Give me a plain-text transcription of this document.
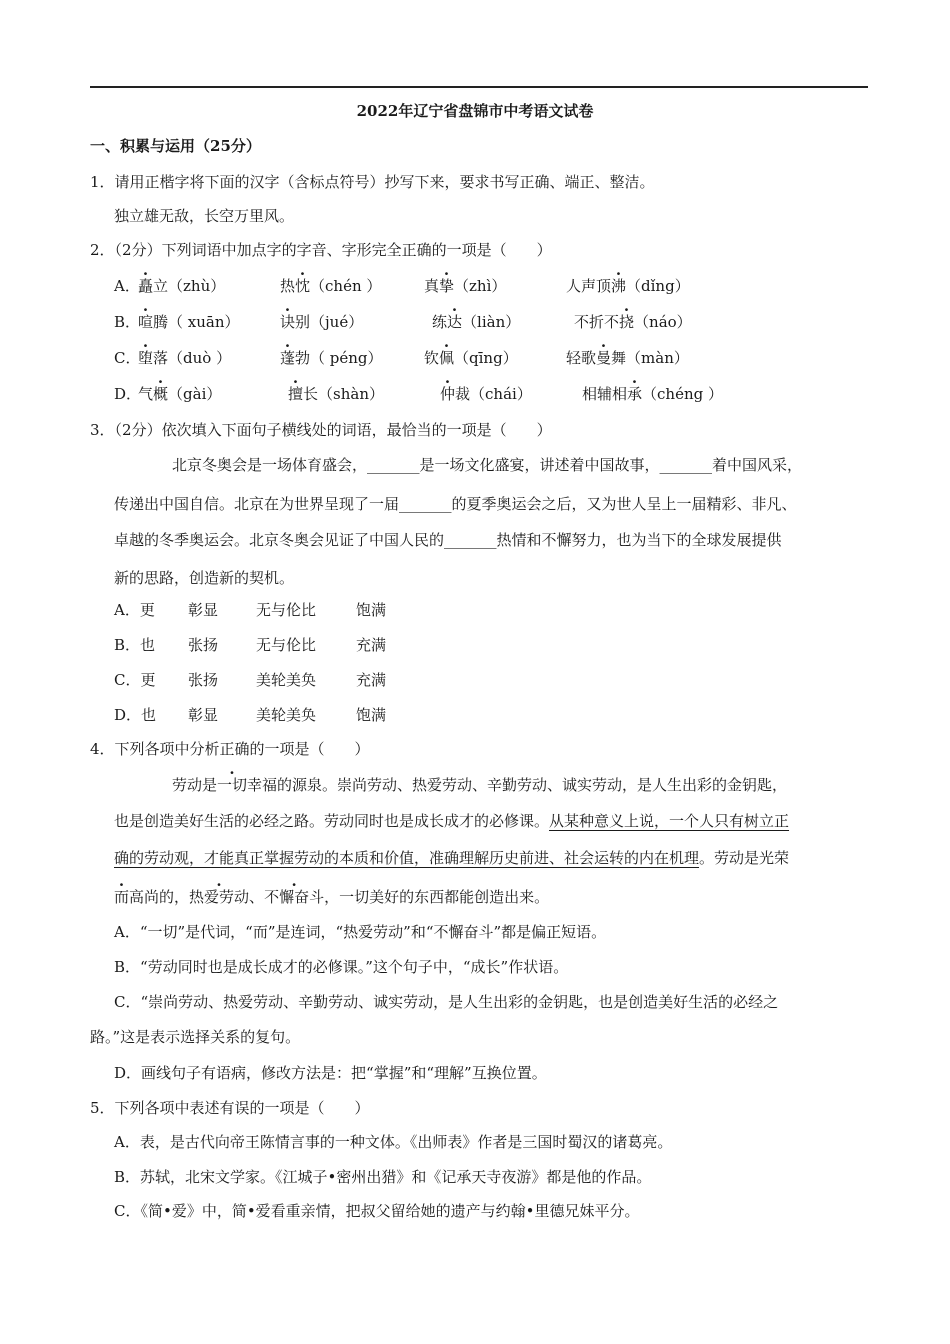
2022年辽宁省盘锦市中考语文试卷
一、积累与运用（25分）
1．请用正楷字将下面的汉字（含标点符号）抄写下来，要求书写正确、端正、整洁。
独立雄无敌，长空万里风。
2．（2分）下列词语中加点字的字音、字形完全正确的一项是（　　）
A．
矗立（zhù）	热忱（chén ）	真挚（zhì）	人声顶沸（dǐng）
B．
喧腾（ xuān）	诀别（jué）	练达（liàn）	不折不挠（náo）
C．
堕落（duò ）	蓬勃（ péng）	钦佩（qīng）	轻歌曼舞（màn）
D．
气概（gài）	擅长（shàn）	仲裁（chái）	相辅相承（chéng ）
3．（2分）依次填入下面句子横线处的词语，最恰当的一项是（　　）
北京冬奥会是一场体育盛会，_______是一场文化盛宴，讲述着中国故事，_______着中国风采，
传递出中国自信。北京在为世界呈现了一届_______的夏季奥运会之后，又为世人呈上一届精彩、非凡、
卓越的冬季奥运会。北京冬奥会见证了中国人民的_______热情和不懈努力，也为当下的全球发展提供
新的思路，创造新的契机。
A．更 彰显	无与伦比	饱满
B．也 张扬	无与伦比	充满
C．更 张扬	美轮美奂	充满
D．也 彰显	美轮美奂	饱满
4．下列各项中分析正确的一项是（　　）
劳动是一切幸福的源泉。崇尚劳动、热爱劳动、辛勤劳动、诚实劳动，是人生出彩的金钥匙，
也是创造美好生活的必经之路。劳动同时也是成长成才的必修课。从某种意义上说，一个人只有树立正
确的劳动观，才能真正掌握劳动的本质和价值，准确理解历史前进、社会运转的内在机理。劳动是光荣
而高尚的，热爱劳动、不懈奋斗，一切美好的东西都能创造出来。
A．“一切”是代词，“而”是连词，“热爱劳动”和“不懈奋斗”都是偏正短语。
B．“劳动同时也是成长成才的必修课。”这个句子中，“成长”作状语。
C．“崇尚劳动、热爱劳动、辛勤劳动、诚实劳动，是人生出彩的金钥匙，也是创造美好生活的必经之
路。”这是表示选择关系的复句。
D．画线句子有语病，修改方法是：把“掌握”和“理解”互换位置。
5．下列各项中表述有误的一项是（　　）
A．表，是古代向帝王陈情言事的一种文体。《出师表》作者是三国时蜀汉的诸葛亮。
B．苏轼，北宋文学家。《江城子•密州出猎》和《记承天寺夜游》都是他的作品。
C．《简•爱》中，简•爱看重亲情，把叔父留给她的遗产与约翰•里德兄妹平分。
